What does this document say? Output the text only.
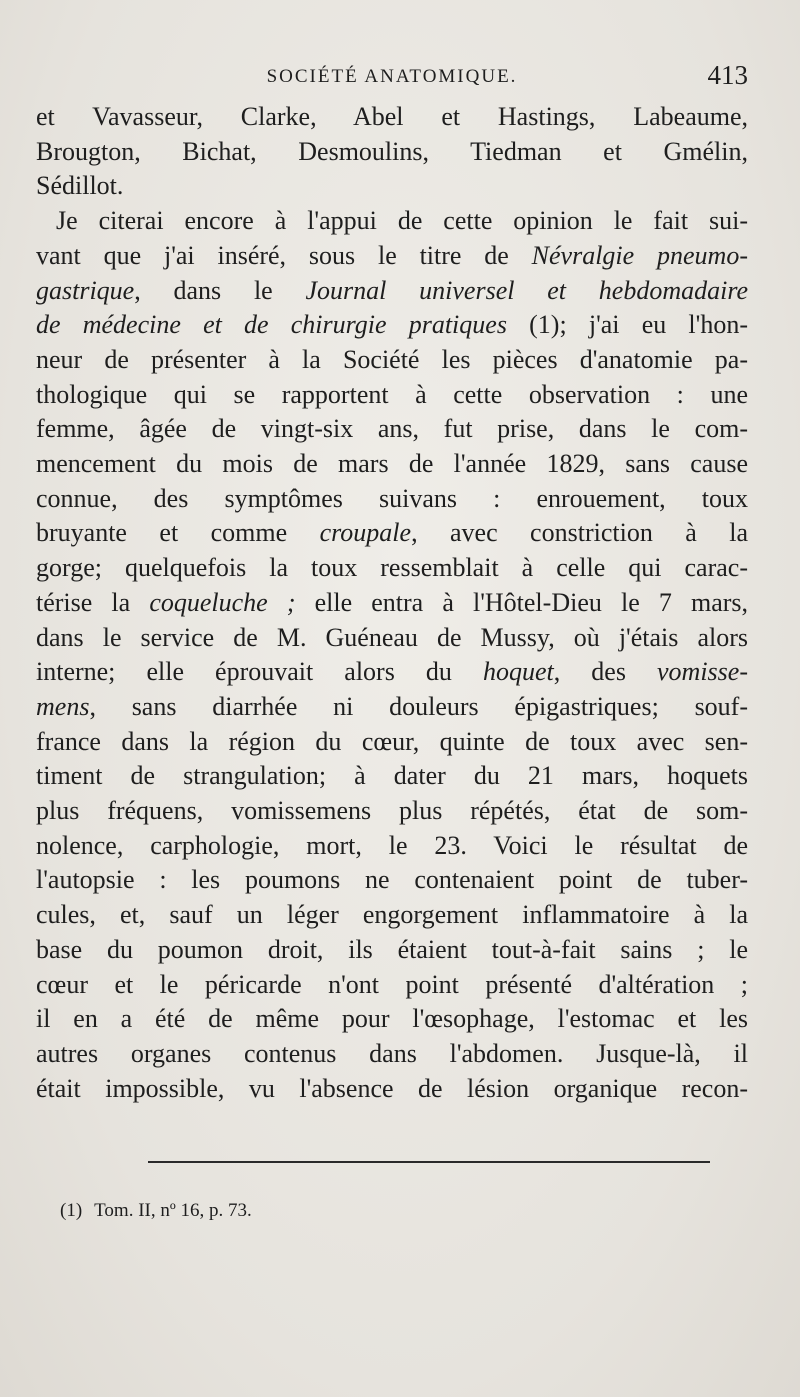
SOCIÉTÉ ANATOMIQUE.	413
et Vavasseur, Clarke, Abel et Hastings, Labeaume,
Brougton, Bichat, Desmoulins, Tiedman et Gmélin,
Sédillot.
Je citerai encore à l'appui de cette opinion le fait sui-
vant que j'ai inséré, sous le titre de Névralgie pneumo-
gastrique, dans le Journal universel et hebdomadaire
de médecine et de chirurgie pratiques (1); j'ai eu l'hon-
neur de présenter à la Société les pièces d'anatomie pa-
thologique qui se rapportent à cette observation : une
femme, âgée de vingt-six ans, fut prise, dans le com-
mencement du mois de mars de l'année 1829, sans cause
connue, des symptômes suivans : enrouement, toux
bruyante et comme croupale, avec constriction à la
gorge; quelquefois la toux ressemblait à celle qui carac-
térise la coqueluche ; elle entra à l'Hôtel-Dieu le 7 mars,
dans le service de M. Guéneau de Mussy, où j'étais alors
interne; elle éprouvait alors du hoquet, des vomisse-
mens, sans diarrhée ni douleurs épigastriques; souf-
france dans la région du cœur, quinte de toux avec sen-
timent de strangulation; à dater du 21 mars, hoquets
plus fréquens, vomissemens plus répétés, état de som-
nolence, carphologie, mort, le 23. Voici le résultat de
l'autopsie : les poumons ne contenaient point de tuber-
cules, et, sauf un léger engorgement inflammatoire à la
base du poumon droit, ils étaient tout-à-fait sains ; le
cœur et le péricarde n'ont point présenté d'altération ;
il en a été de même pour l'œsophage, l'estomac et les
autres organes contenus dans l'abdomen. Jusque-là, il
était impossible, vu l'absence de lésion organique recon-
(1) Tom. II, nº 16, p. 73.
